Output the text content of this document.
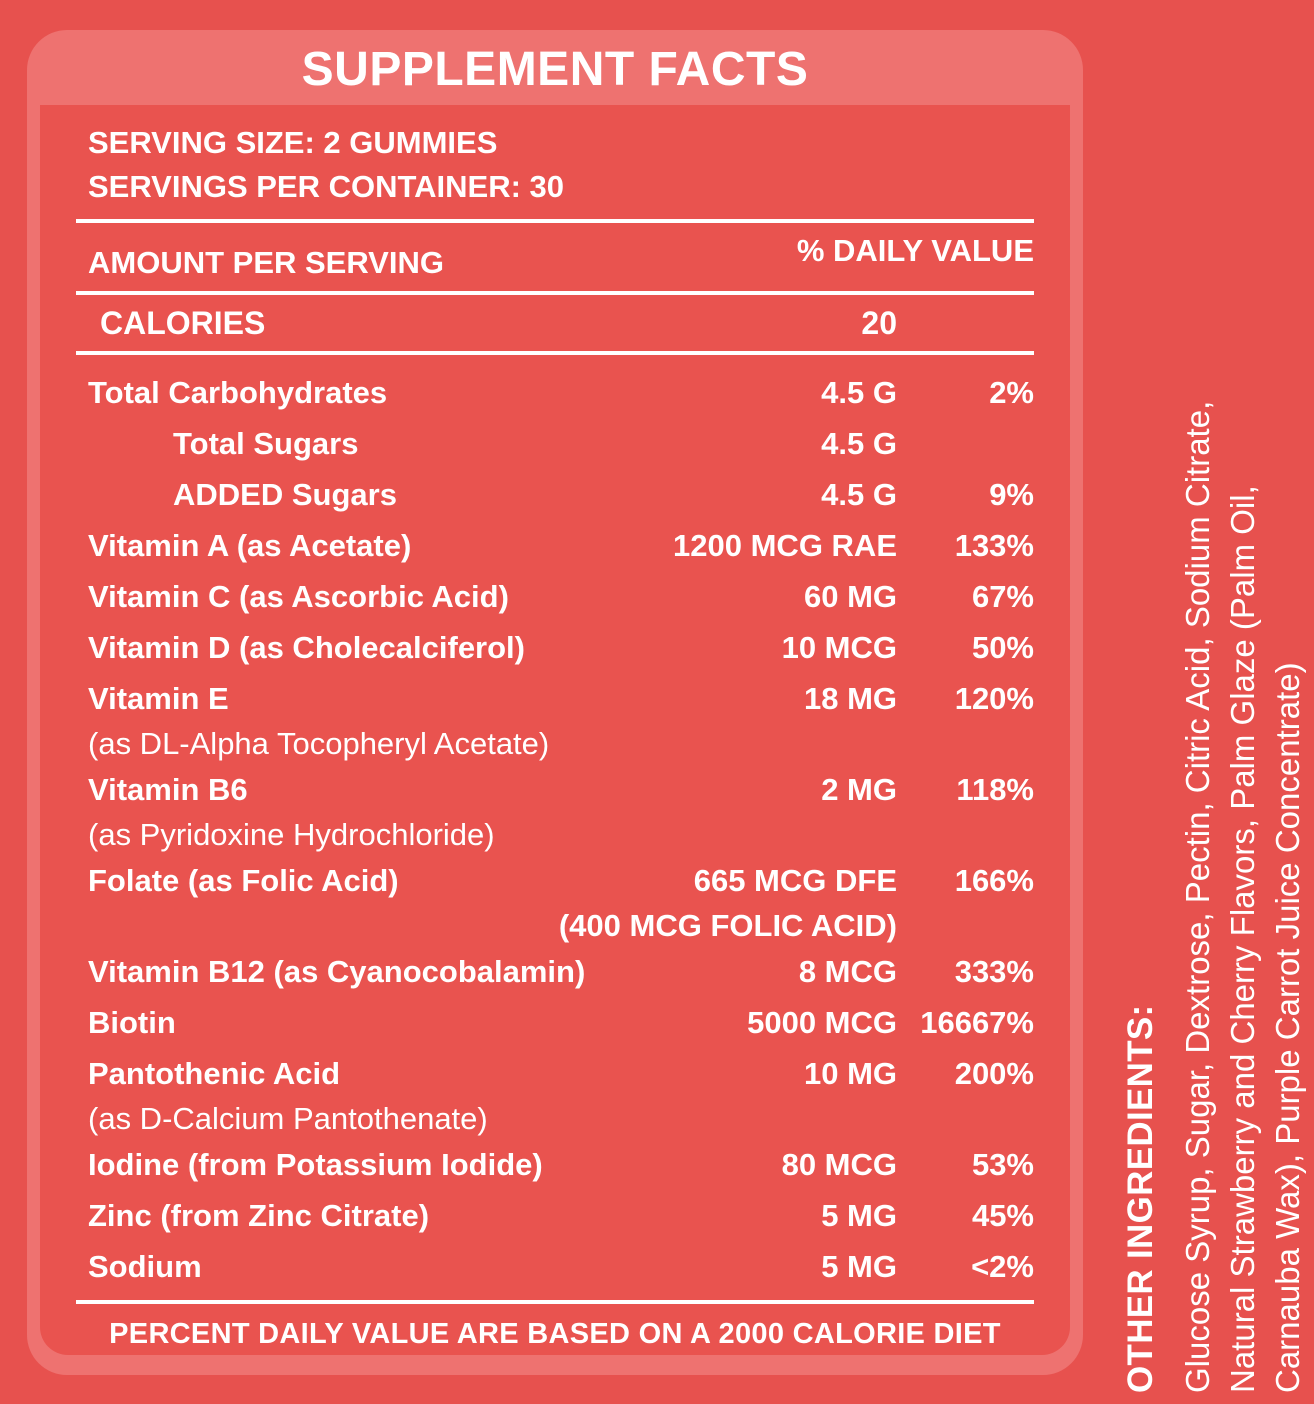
SUPPLEMENT FACTS
SERVING SIZE: 2 GUMMIES
SERVINGS PER CONTAINER: 30
AMOUNT PER SERVING	% DAILY VALUE
CALORIES	20
Total Carbohydrates	4.5 G	2%
Total Sugars	4.5 G
ADDED Sugars	4.5 G	9%
Vitamin A (as Acetate)	1200 MCG RAE	133%
Vitamin C (as Ascorbic Acid)	60 MG	67%
Vitamin D (as Cholecalciferol)	10 MCG	50%
Vitamin E	18 MG	120%
(as DL-Alpha Tocopheryl Acetate)
Vitamin B6	2 MG	118%
(as Pyridoxine Hydrochloride)
Folate (as Folic Acid)	665 MCG DFE	166%
(400 MCG FOLIC ACID)
Vitamin B12 (as Cyanocobalamin)	8 MCG	333%
Biotin	5000 MCG 16667%
Pantothenic Acid	10 MG	200%
(as D-Calcium Pantothenate)
Iodine (from Potassium Iodide)	80 MCG	53%
Zinc (from Zinc Citrate)	5 MG	45%
Sodium	5 MG	<2%
PERCENT DAILY VALUE ARE BASED ON A 2000 CALORIE DIET	OTHER INGREDIENTS: Glucose Syrup, Sugar, Dextrose, Pectin, Citric Acid, Sodium Citrate, Natural Strawberry and Cherry Flavors, Palm Glaze (Palm Oil, Carnauba Wax), Purple Carrot Juice Concentrate)
